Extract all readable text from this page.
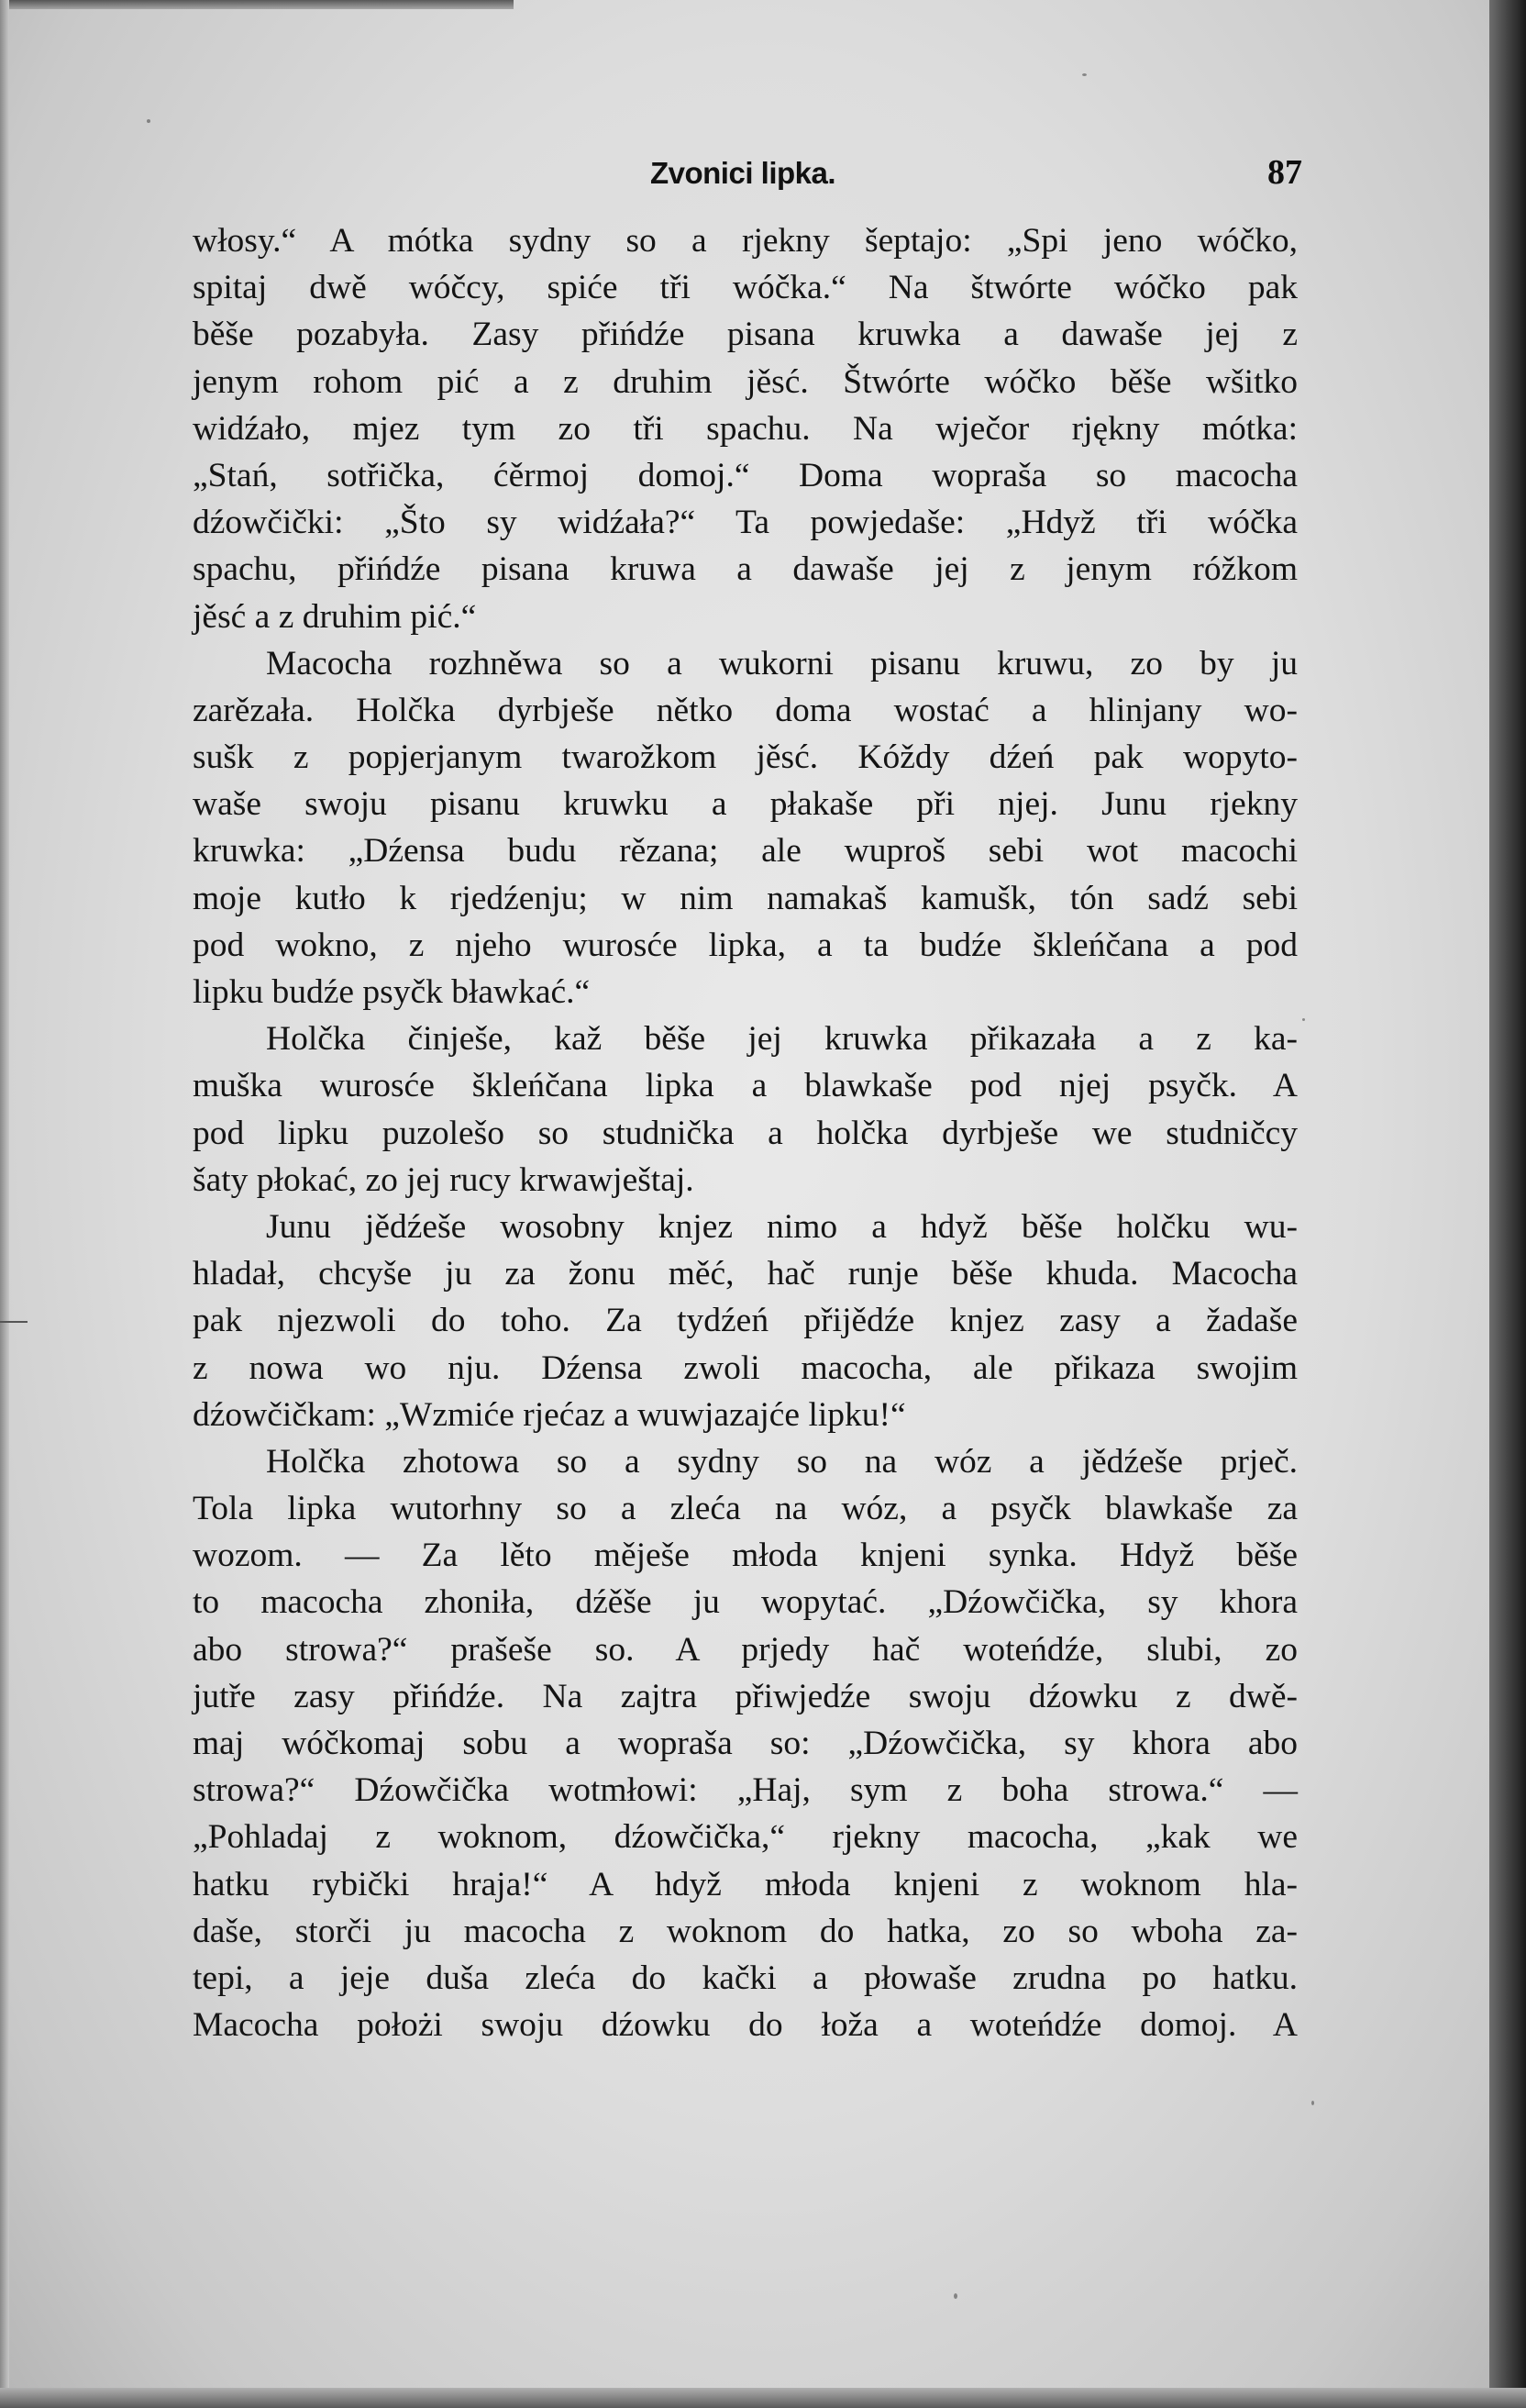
Zvonici lipka.	87
włosy.“ A mótka sydny so a rjekny šeptajo: „Spi jeno wóčko,
spitaj dwě wóčcy, spiće tři wóčka.“ Na štwórte wóčko pak
běše pozabyła. Zasy přińdźe pisana kruwka a dawaše jej z
jenym rohom pić a z druhim jěsć. Štwórte wóčko běše wšitko
widźało, mjez tym zo tři spachu. Na wječor rjękny mótka:
„Stań, sotřička, ćěrmoj domoj.“ Doma wopraša so macocha
dźowčički: „Što sy widźała?“ Ta powjedaše: „Hdyž tři wóčka
spachu, přińdźe pisana kruwa a dawaše jej z jenym róžkom
jěsć a z druhim pić.“
Macocha rozhněwa so a wukorni pisanu kruwu, zo by ju
zarězała. Holčka dyrbješe nětko doma wostać a hlinjany wo-
sušk z popjerjanym twarožkom jěsć. Kóždy dźeń pak wopyto-
waše swoju pisanu kruwku a płakaše při njej. Junu rjekny
kruwka: „Dźensa budu rězana; ale wuproš sebi wot macochi
moje kutło k rjedźenju; w nim namakaš kamušk, tón sadź sebi
pod wokno, z njeho wurosće lipka, a ta budźe škleńčana a pod
lipku budźe psyčk bławkać.“
Holčka činješe, kaž běše jej kruwka přikazała a z ka-
muška wurosće škleńčana lipka a blawkaše pod njej psyčk. A
pod lipku puzolešo so studnička a holčka dyrbješe we studničcy
šaty płokać, zo jej rucy krwawještaj.
Junu jědźeše wosobny knjez nimo a hdyž běše holčku wu-
hladał, chcyše ju za žonu měć, hač runje běše khuda. Macocha
pak njezwoli do toho. Za tydźeń přijědźe knjez zasy a žadaše
z nowa wo nju. Dźensa zwoli macocha, ale přikaza swojim
dźowčičkam: „Wzmiće rjećaz a wuwjazajće lipku!“
Holčka zhotowa so a sydny so na wóz a jědźeše prječ.
Tola lipka wutorhny so a zleća na wóz, a psyčk blawkaše za
wozom. — Za lěto měješe młoda knjeni synka. Hdyž běše
to macocha zhoniła, dźěše ju wopytać. „Dźowčička, sy khora
abo strowa?“ prašeše so. A prjedy hač woteńdźe, slubi, zo
jutře zasy přińdźe. Na zajtra přiwjedźe swoju dźowku z dwě-
maj wóčkomaj sobu a wopraša so: „Dźowčička, sy khora abo
strowa?“ Dźowčička wotmłowi: „Haj, sym z boha strowa.“ —
„Pohladaj z woknom, dźowčička,“ rjekny macocha, „kak we
hatku rybički hraja!“ A hdyž młoda knjeni z woknom hla-
daše, storči ju macocha z woknom do hatka, zo so wboha za-
tepi, a jeje duša zleća do kački a płowaše zrudna po hatku.
Macocha położi swoju dźowku do łoža a woteńdźe domoj. A
